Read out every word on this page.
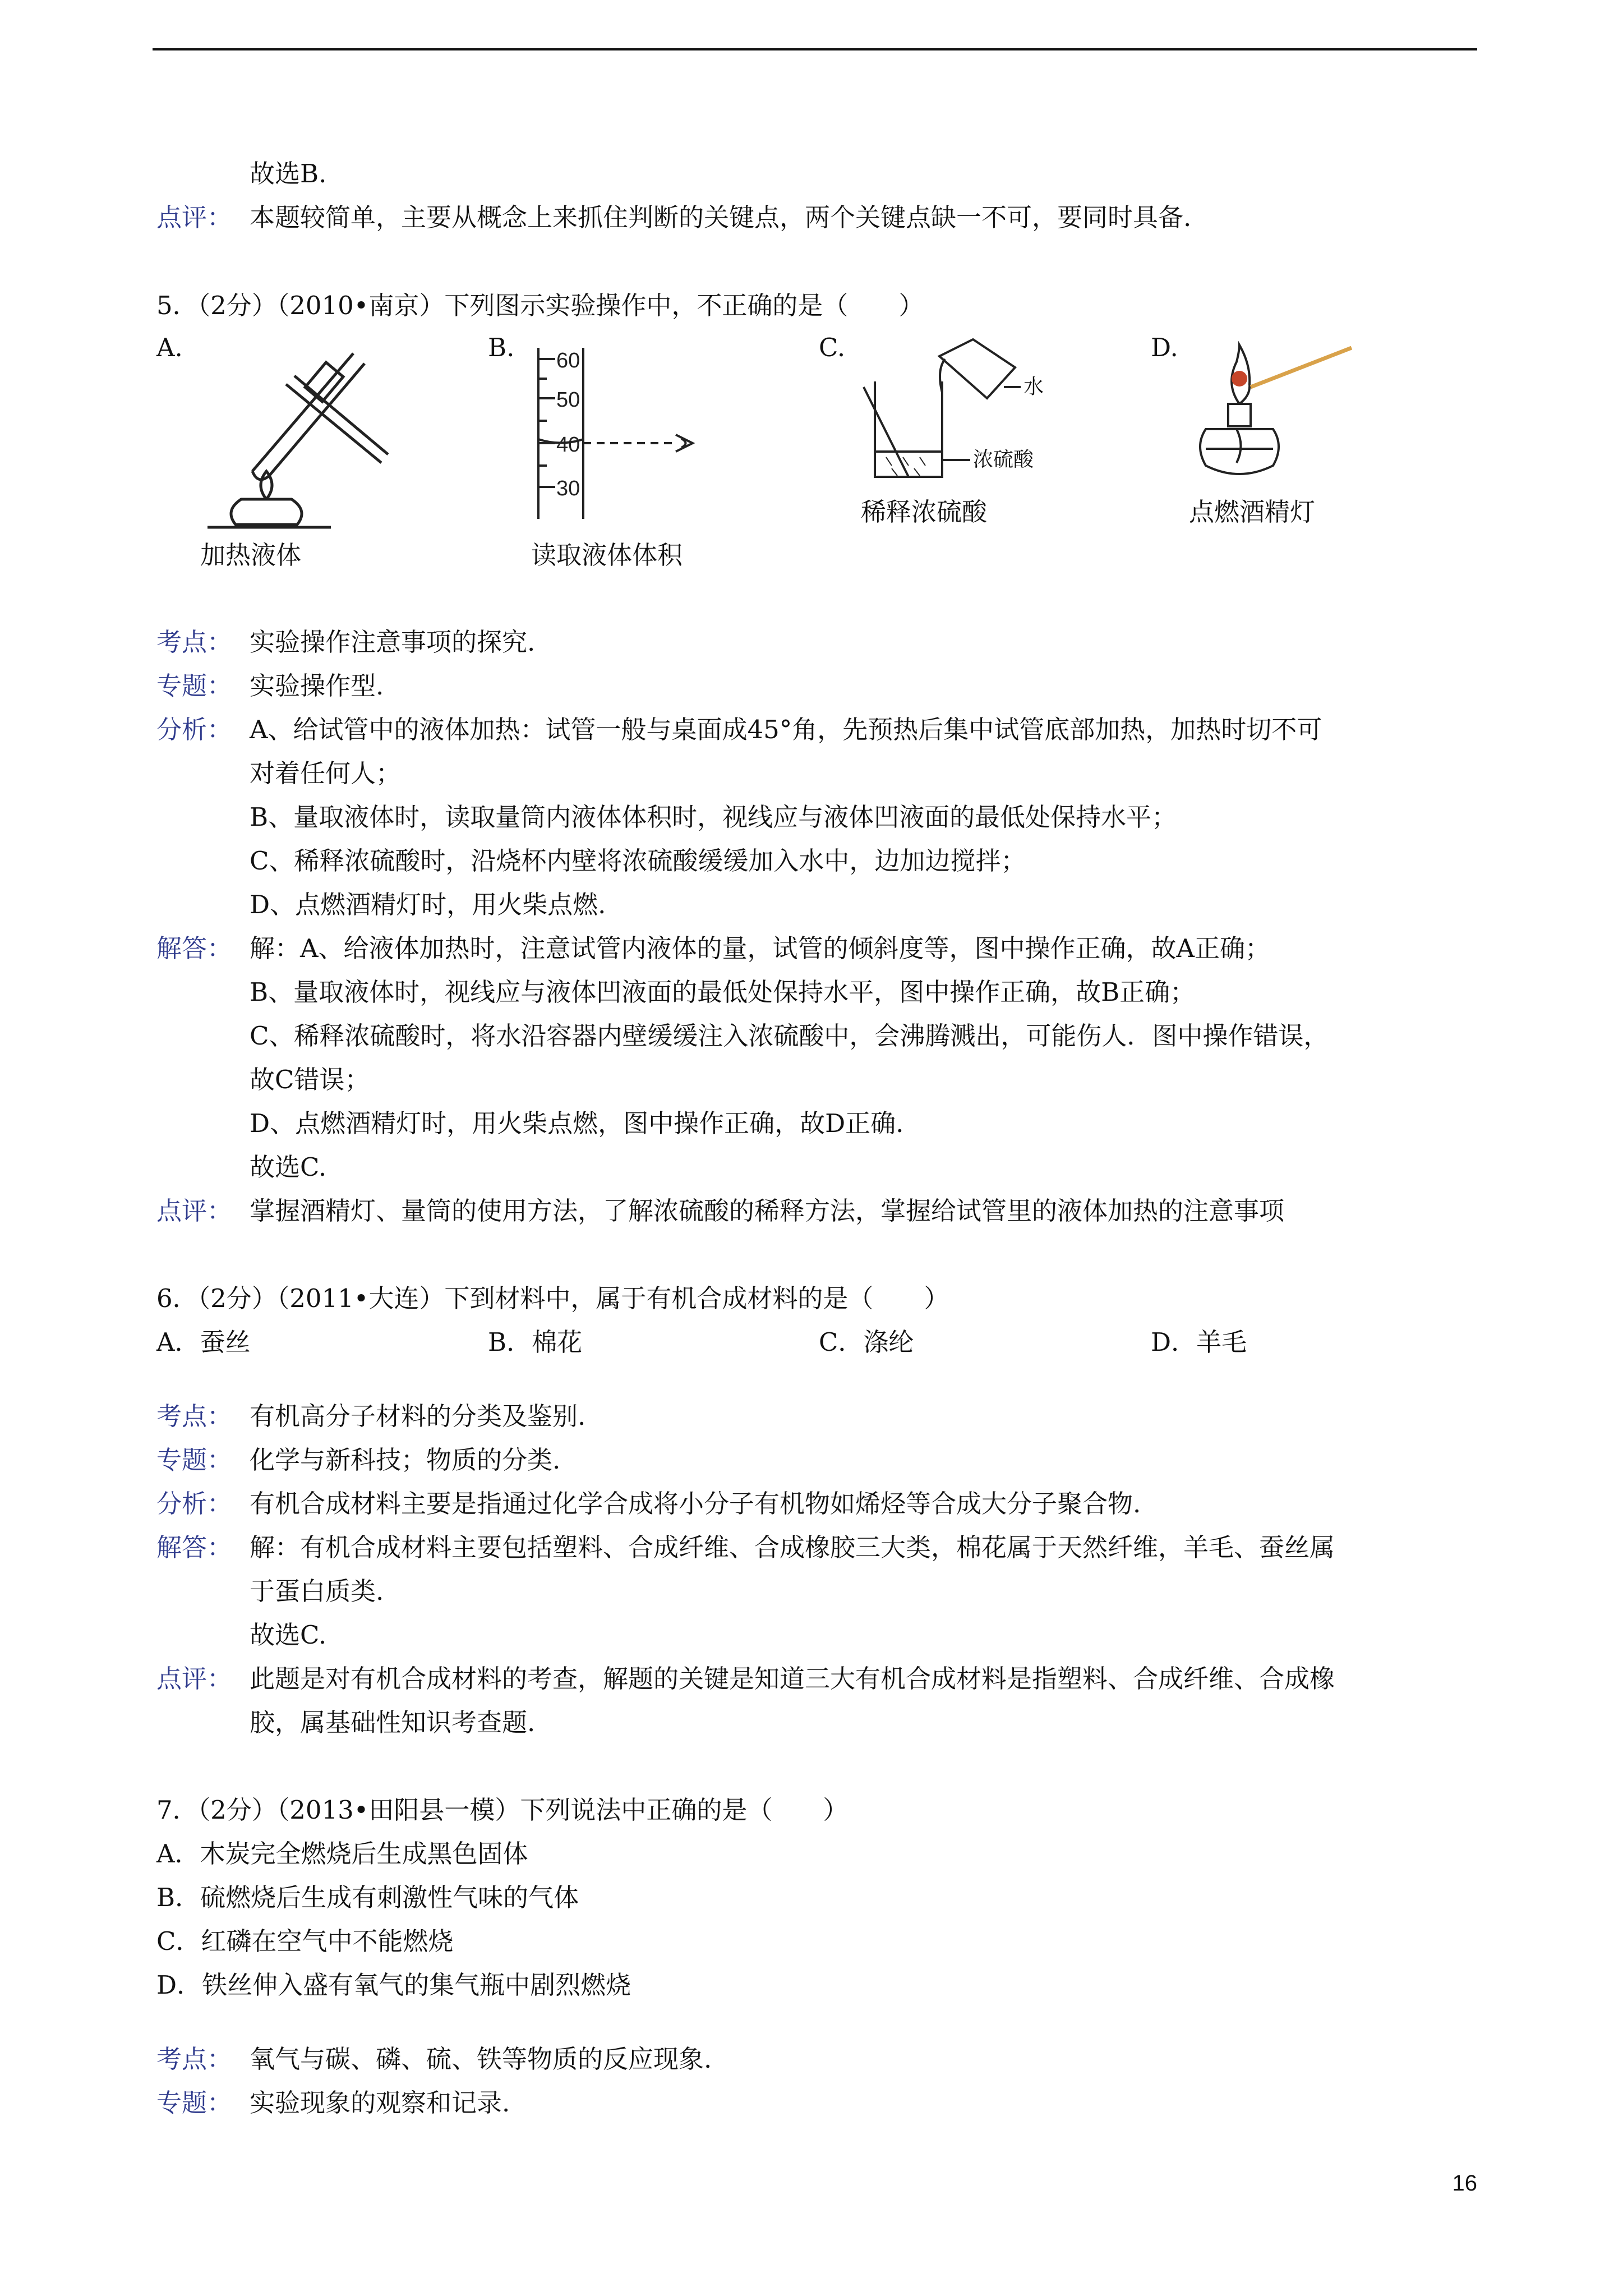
故选B.
点评： 本题较简单，主要从概念上来抓住判断的关键点，两个关键点缺一不可，要同时具备.
5．（2分）（2010•南京）下列图示实验操作中，不正确的是（　　）
A.	B.	C.	D.
加热液体
60
50
40
30
读取液体体积
水
浓硫酸
稀释浓硫酸	点燃酒精灯
考点： 实验操作注意事项的探究.
专题： 实验操作型.
分析： A、给试管中的液体加热：试管一般与桌面成45°角，先预热后集中试管底部加热，加热时切不可
对着任何人；
B、量取液体时，读取量筒内液体体积时，视线应与液体凹液面的最低处保持水平；
C、稀释浓硫酸时，沿烧杯内壁将浓硫酸缓缓加入水中，边加边搅拌；
D、点燃酒精灯时，用火柴点燃.
解答： 解：A、给液体加热时，注意试管内液体的量，试管的倾斜度等，图中操作正确，故A正确；
B、量取液体时，视线应与液体凹液面的最低处保持水平，图中操作正确，故B正确；
C、稀释浓硫酸时，将水沿容器内壁缓缓注入浓硫酸中，会沸腾溅出，可能伤人．图中操作错误，
故C错误；
D、点燃酒精灯时，用火柴点燃，图中操作正确，故D正确.
故选C.
点评： 掌握酒精灯、量筒的使用方法，了解浓硫酸的稀释方法，掌握给试管里的液体加热的注意事项
6．（2分）（2011•大连）下到材料中，属于有机合成材料的是（　　）
A．蚕丝	B．棉花	C．涤纶	D．羊毛
考点： 有机高分子材料的分类及鉴别.
专题： 化学与新科技；物质的分类.
分析： 有机合成材料主要是指通过化学合成将小分子有机物如烯烃等合成大分子聚合物.
解答： 解：有机合成材料主要包括塑料、合成纤维、合成橡胶三大类，棉花属于天然纤维，羊毛、蚕丝属
于蛋白质类.
故选C.
点评： 此题是对有机合成材料的考查，解题的关键是知道三大有机合成材料是指塑料、合成纤维、合成橡
胶，属基础性知识考查题.
7．（2分）（2013•田阳县一模）下列说法中正确的是（　　）
A．木炭完全燃烧后生成黑色固体
B．硫燃烧后生成有刺激性气味的气体
C．红磷在空气中不能燃烧
D．铁丝伸入盛有氧气的集气瓶中剧烈燃烧
考点： 氧气与碳、磷、硫、铁等物质的反应现象.
专题： 实验现象的观察和记录.
16
